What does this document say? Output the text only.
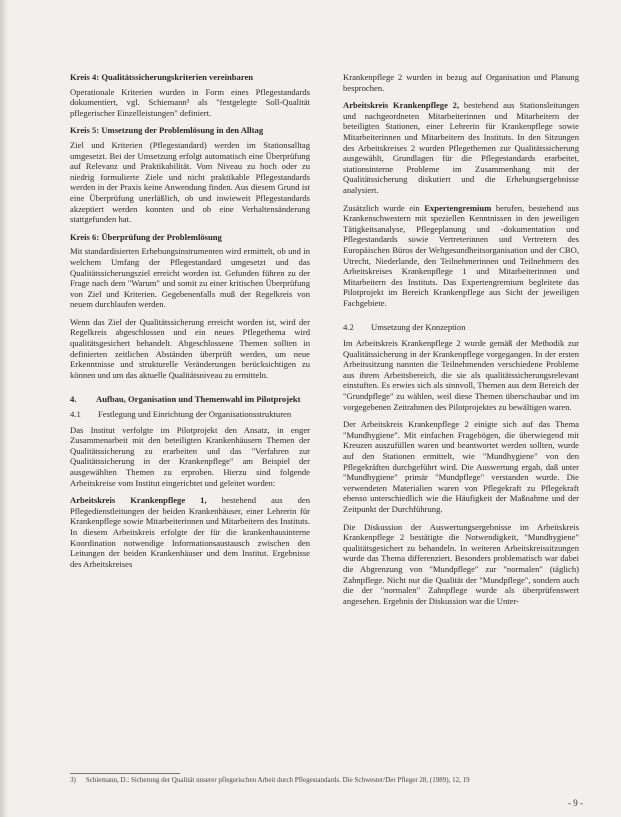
Kreis 4: Qualitätssicherungskriterien vereinbaren
Operationale Kriterien wurden in Form eines Pflegestandards dokumentiert, vgl. Schiemann³ als "festgelegte Soll-Qualität pflegerischer Einzelleistungen" definiert.
Kreis 5: Umsetzung der Problemlösung in den Alltag
Ziel und Kriterien (Pflegestandard) werden im Stationsalltag umgesetzt. Bei der Umsetzung erfolgt automatisch eine Überprüfung auf Relevanz und Praktikabilität. Vom Niveau zu hoch oder zu niedrig formulierte Ziele und nicht praktikable Pflegestandards werden in der Praxis keine Anwendung finden. Aus diesem Grund ist eine Überprüfung unerläßlich, ob und inwieweit Pflegestandards akzeptiert werden konnten und ob eine Verhaltensänderung stattgefunden hat.
Kreis 6: Überprüfung der Problemlösung
Mit standardisierten Erhebungsinstrumenten wird ermittelt, ob und in welchem Umfang der Pflegestandard umgesetzt und das Qualitätssicherungsziel erreicht worden ist. Gefunden führen zu der Frage nach dem "Warum" und somit zu einer kritischen Überprüfung von Ziel und Kriterien. Gegebenenfalls muß der Regelkreis von neuem durchlaufen werden.
Wenn das Ziel der Qualitätssicherung erreicht worden ist, wird der Regelkreis abgeschlossen und ein neues Pflegethema wird qualitätsgesichert behandelt. Abgeschlossene Themen sollten in definierten zeitlichen Abständen überprüft werden, um neue Erkenntnisse und strukturelle Veränderungen berücksichtigen zu können und um das aktuelle Qualitätsniveau zu ermitteln.
4.	Aufbau, Organisation und Themenwahl im Pilotprojekt
4.1	Festlegung und Einrichtung der Organisationsstrukturen
Das Institut verfolgte im Pilotprojekt den Ansatz, in enger Zusammenarbeit mit den beteiligten Krankenhäusern Themen der Qualitätssicherung zu erarbeiten und das "Verfahren zur Qualitätssicherung in der Krankenpflege" am Beispiel der ausgewählten Themen zu erproben. Hierzu sind folgende Arbeitskreise vom Institut eingerichtet und geleitet worden:
Arbeitskreis Krankenpflege 1, bestehend aus den Pflegedienstleitungen der beiden Krankenhäuser, einer Lehrerin für Krankenpflege sowie Mitarbeiterinnen und Mitarbeitern des Instituts. In diesem Arbeitskreis erfolgte der für die krankenhausinterne Koordination notwendige Informationsaustausch zwischen den Leitungen der beiden Krankenhäuser und dem Institut. Ergebnisse des Arbeitskreises
Krankenpflege 2 wurden in bezug auf Organisation und Planung besprochen.
Arbeitskreis Krankenpflege 2, bestehend aus Stationsleitungen und nachgeordneten Mitarbeiterinnen und Mitarbeitern der beteiligten Stationen, einer Lehrerin für Krankenpflege sowie Mitarbeiterinnen und Mitarbeitern des Instituts. In den Sitzungen des Arbeitskreises 2 wurden Pflegethemen zur Qualitätssicherung ausgewählt, Grundlagen für die Pflegestandards erarbeitet, stationsinterne Probleme im Zusammenhang mit der Qualitätssicherung diskutiert und die Erhebungsergebnisse analysiert.
Zusätzlich wurde ein Expertengremium berufen, bestehend aus Krankenschwestern mit speziellen Kenntnissen in den jeweiligen Tätigkeitsanalyse, Pflegeplanung und -dokumentation und Pflegestandards sowie Vertreterinnen und Vertretern des Europäischen Büros der Weltgesundheitsorganisation und der CBO, Utrecht, Niederlande, den Teilnehmerinnen und Teilnehmern des Arbeitskreises Krankenpflege 1 und Mitarbeiterinnen und Mitarbeitern des Instituts. Das Expertengremium begleitete das Pilotprojekt im Bereich Krankenpflege aus Sicht der jeweiligen Fachgebiete.
4.2	Umsetzung der Konzeption
Im Arbeitskreis Krankenpflege 2 wurde gemäß der Methodik zur Qualitätssicherung in der Krankenpflege vorgegangen. In der ersten Arbeitssitzung nannten die Teilnehmenden verschiedene Probleme aus ihrem Arbeitsbereich, die sie als qualitätssicherungsrelevant einstuften. Es erwies sich als sinnvoll, Themen aus dem Bereich der "Grundpflege" zu wählen, weil diese Themen überschaubar und im vorgegebenen Zeitrahmen des Pilotprojektes zu bewältigen waren.
Der Arbeitskreis Krankenpflege 2 einigte sich auf das Thema "Mundhygiene". Mit einfachen Fragebögen, die überwiegend mit Kreuzen auszufüllen waren und beantwortet werden sollten, wurde auf den Stationen ermittelt, wie "Mundhygiene" von den Pflegekräften durchgeführt wird. Die Auswertung ergab, daß unter "Mundhygiene" primär "Mundpflege" verstanden wurde. Die verwendeten Materialien waren von Pflegekraft zu Pflegekraft ebenso unterschiedlich wie die Häufigkeit der Maßnahme und der Zeitpunkt der Durchführung.
Die Diskussion der Auswertungsergebnisse im Arbeitskreis Krankenpflege 2 bestätigte die Notwendigkeit, "Mundhygiene" qualitätsgesichert zu behandeln. In weiteren Arbeitskreissitzungen wurde das Thema differenziert. Besonders problematisch war dabei die Abgrenzung von "Mundpflege" zur "normalen" (täglich) Zahnpflege. Nicht nur die Qualität der "Mundpflege", sondern auch die der "normalen" Zahnpflege wurde als überprüfenswert angesehen. Ergebnis der Diskussion war die Unter-
3) Schiemann, D.: Sicherung der Qualität unserer pflegerischen Arbeit durch Pflegestandards. Die Schwester/Der Pfleger 28, (1989), 12, 19
- 9 -
